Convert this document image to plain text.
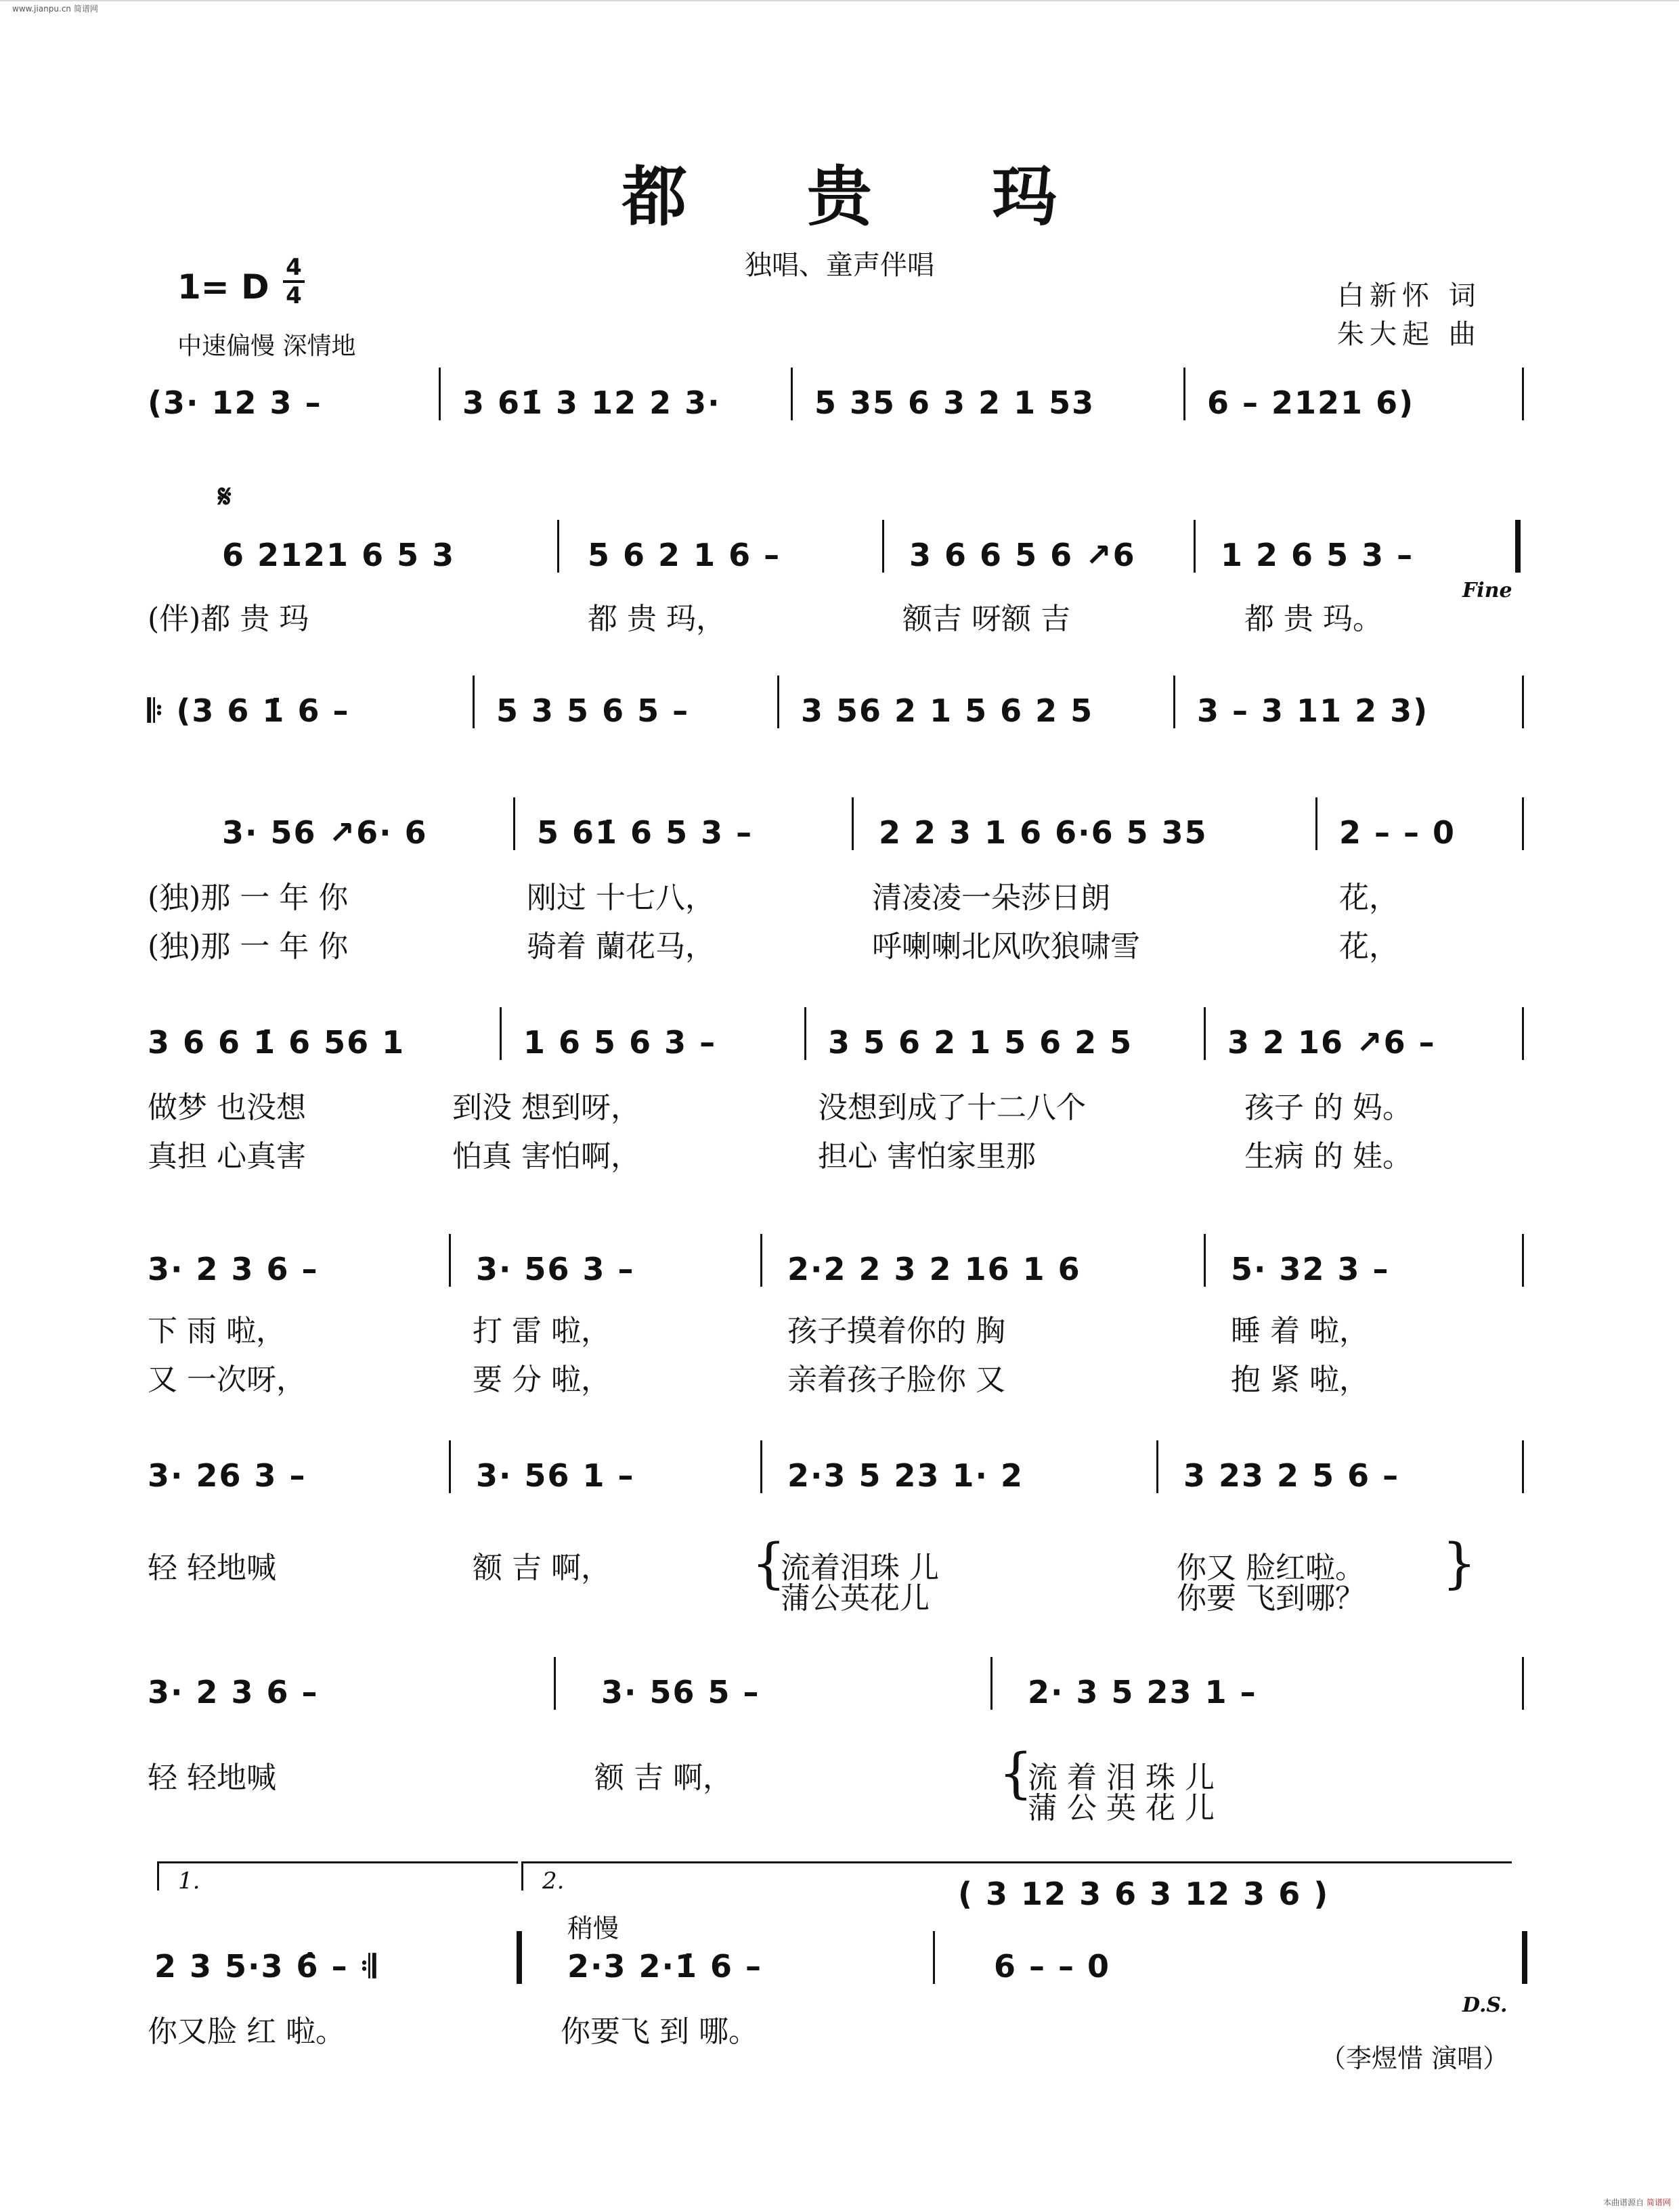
www.jianpu.cn 简谱网
都 贵 玛
独唱、童声伴唱
1= D 4
4
中速偏慢 深情地
白新怀 词
朱大起 曲
(3· 12 3 –	3 61̇ 3 12 2 3·	5 35 6 3 2 1 53	6 – 2121 6)
𝄋
6 2121 6 5 3	5 6 2 1 6 –	3 6 6 5 6 ↗6	1 2 6 5 3 –
(伴)都 贵 玛	都 贵 玛，	额吉 呀额 吉	都 贵 玛。
Fine
𝄆 (3 6 1̇ 6 –	5 3 5 6 5 –	3 56 2 1 5 6 2 5	3 – 3 11 2 3)
3· 56 ↗6· 6	5 61̇ 6 5 3 –	2 2 3 1 6 6·6 5 35	2 – – 0
(独)那 一 年 你	刚过 十七八，	清凌凌一朵莎日朗	花，
(独)那 一 年 你	骑着 蘭花马，	呼喇喇北风吹狼啸雪	花，
3 6 6 1̇ 6 56 1	1 6 5 6 3 –	3 5 6 2 1 5 6 2 5	3 2 16 ↗6 –
做梦 也没想	到没 想到呀，	没想到成了十二八个	孩子 的 妈。
真担 心真害	怕真 害怕啊，	担心 害怕家里那	生病 的 娃。
3· 2 3 6 –	3· 56 3 –	2·2 2 3 2 16 1 6	5· 32 3 –
下 雨 啦，	打 雷 啦，	孩子摸着你的 胸	睡 着 啦，
又 一次呀，	要 分 啦，	亲着孩子脸你 又	抱 紧 啦，
3· 26 3 –	3· 56 1 –	2·3 5 23 1· 2	3 23 2 5 6 –
轻 轻地喊	额 吉 啊，	流着泪珠 儿	你又 脸红啦。
蒲公英花儿	你要 飞到哪？
{	}
3· 2 3 6 –	3· 56 5 –	2· 3 5 23 1 –
轻 轻地喊	额 吉 啊，	流 着 泪 珠 儿
蒲 公 英 花 儿
{
1.	2.	( 3 12 3 6 3 12 3 6 )
稍慢
2 3 5·3 6̂ – 𝄇	2·3 2·1̇ 6 –	6 – – 0
你又脸 红 啦。	你要飞 到 哪。
D.S.
（李煜惜 演唱）
本曲谱源自 简谱网
